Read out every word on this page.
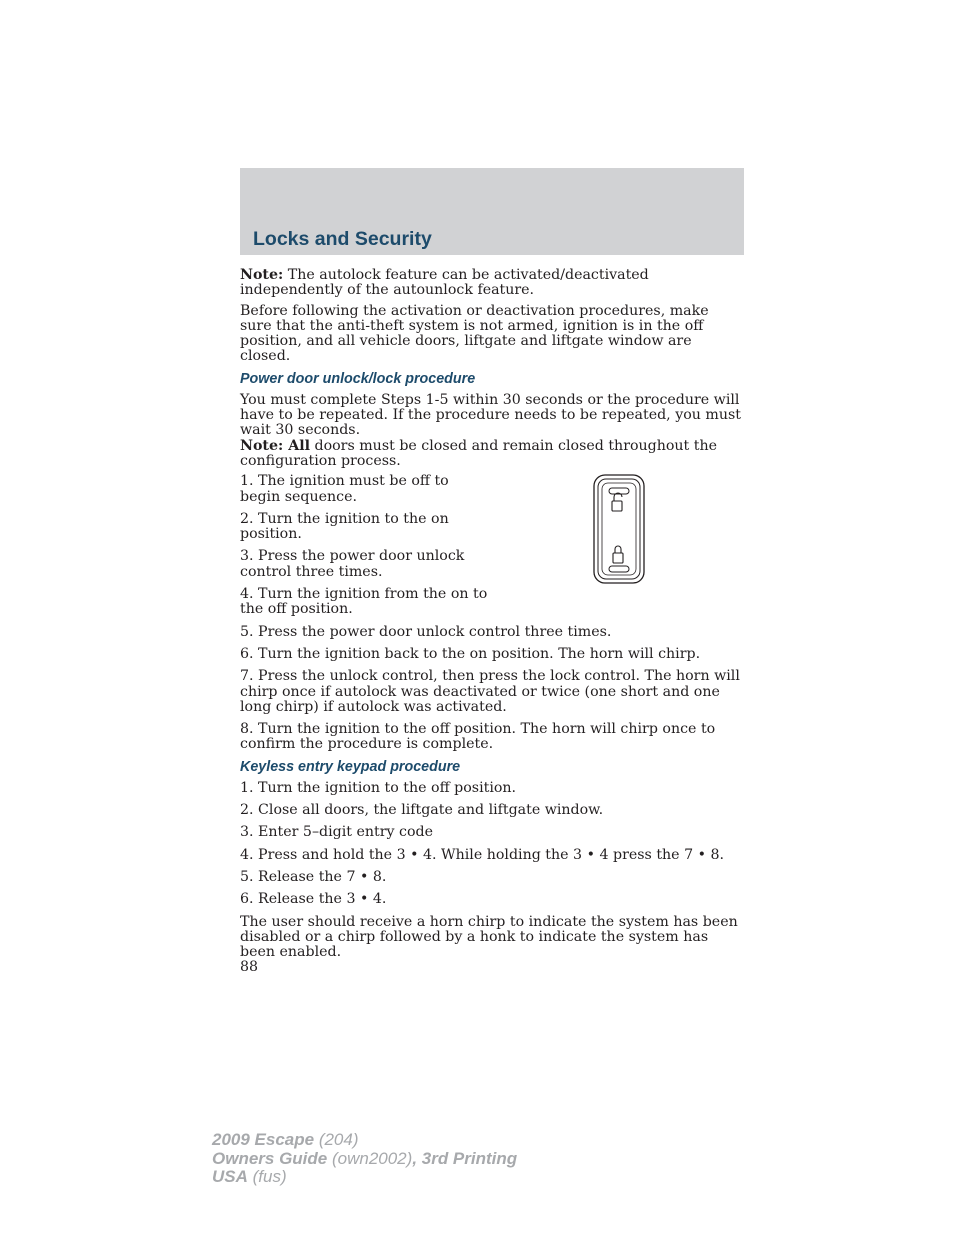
Locks and Security

Note: The autolock feature can be activated/deactivated independently of the autounlock feature.

Before following the activation or deactivation procedures, make sure that the anti-theft system is not armed, ignition is in the off position, and all vehicle doors, liftgate and liftgate window are closed.

Power door unlock/lock procedure

You must complete Steps 1-5 within 30 seconds or the procedure will have to be repeated. If the procedure needs to be repeated, you must wait 30 seconds.

Note: All doors must be closed and remain closed throughout the configuration process.

1. The ignition must be off to begin sequence.
2. Turn the ignition to the on position.
3. Press the power door unlock control three times.
4. Turn the ignition from the on to the off position.
5. Press the power door unlock control three times.
6. Turn the ignition back to the on position. The horn will chirp.
7. Press the unlock control, then press the lock control. The horn will chirp once if autolock was deactivated or twice (one short and one long chirp) if autolock was activated.
8. Turn the ignition to the off position. The horn will chirp once to confirm the procedure is complete.
Keyless entry keypad procedure
1. Turn the ignition to the off position.
2. Close all doors, the liftgate and liftgate window.
3. Enter 5–digit entry code
4. Press and hold the 3 • 4. While holding the 3 • 4 press the 7 • 8.
5. Release the 7 • 8.
6. Release the 3 • 4.

The user should receive a horn chirp to indicate the system has been disabled or a chirp followed by a honk to indicate the system has been enabled.

88

2009 Escape (204)
Owners Guide (own2002), 3rd Printing
USA (fus)
